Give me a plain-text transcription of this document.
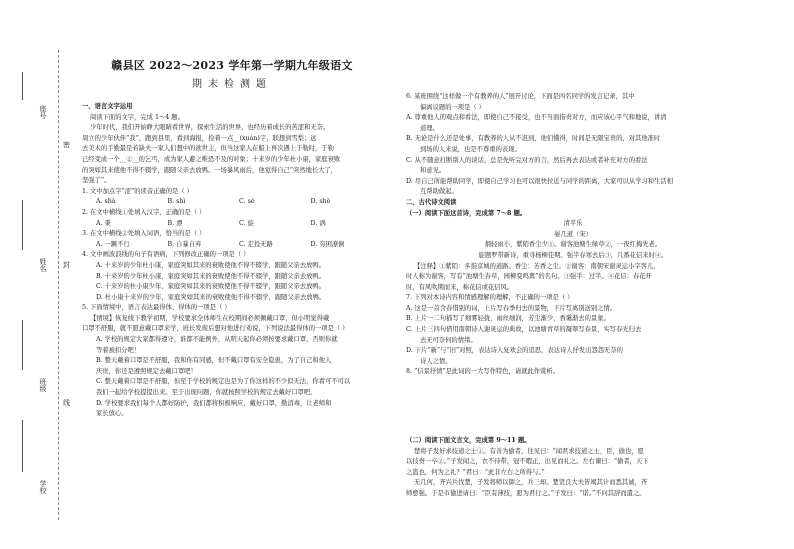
密
封
线
座号
姓名
班级
学校
赣县区 2022～2023 学年第一学期九年级语文
期末检测题

一、语言文字运用

阅读下面的文字，完成 1～4 题。

少年时代，我们开始睁大眼睛看世界，探索生活的世界，也经历着成长的苦涩和无奈。

周立的少年伙伴“我”，跑到县里，看到海报，捡着一点__(xuán)字，联想到雪梨；远

去美术的手勤最是若缺夫一家人们想中的欲世主，但当这家人在船上再次遇上于勒时，于勒

已经变成一个__②__的乞丐，成为家人避之唯恐不及的对象；十来岁的少年杜小康，家庭衰败

的突如其来使他不得不辍学，跟随父亲去放鸭。一场暴风雨后，他觉得自己“突然地长大了，

坚强了”。

1. 文中加点字“涩”的读音正确的是（ ）

A. shà	B. shì	C. sè	D. shè

2. 在文中横线①处填入汉字，正确的是（ ）

A. 秉	B. 漂	C. 旋	D. 涡

3. 在文中横线②处填入词语，恰当的是（ ）

A. 一蹶不行	B. 自暴自弃	C. 走投无路	D. 穷困潦倒

4. 文中画波浪线的句子有语病，下列修改正确的一项是（ ）

A. 十来岁的少年杜小康，家庭突如其来的衰败使他不得不辍学，跟随父亲去放鸭。

B. 十来岁的少年杜小康，家庭突如其来的衰败使他不得不辍学，跟随父亲去放鸭。

C. 十来岁的杜小康少年，家庭突如其来的衰败使他不得不辍学，跟随父亲去放鸭。

D. 杜小康十来岁的少年，家庭突如其来的衰败使他不得不辍学，跟随父亲去放鸭。

5. 下面情境中，语言表达最得体、得体的一项是（ ）

【情境】恢复线下教学初期，学校要求全体师生在校期间必须佩戴口罩，但小明觉得戴

口罩不舒服，就不愿意戴口罩来学，班长发现后想对他进行劝说，下列说法最得体的一项是（ ）

A. 学校的规定大家都得遵守，谁都不能例外，从明天起你必须按要求戴口罩，否则你就

等着被扣分吧！

B. 整天戴着口罩是不舒服，我和你有同感，但不戴口罩有安全隐患，为了自己和他人

庆贵，你还是遵照规定去戴口罩吧！

C. 整天戴着口罩是不舒服，但至于学校的规定也是为了你这样的不少似无法，你看可不可以

我们一起给学校提提出来。至于出现问题，你就按照学校的规定去戴好口罩吧。

D. 学校要求我们每个人都好防护，我们都将积极响应，戴好口罩，勤消毒，让老师和

家长放心。

6. 某班围绕“这样做一个有教养的人”展开讨论，下面是四名同学的发言记录，其中

偏离议题的一项是（ ）

A. 尊重他人的观点和看法，即使自己不接受，也不当面指责对方，而应该心平气和地说，讲清

道理。

B. 无论是什么还是处事，有教养的人从不迟到，他们懂得，时间是无限宝贵的，对其他准时

到场的人来说，也是不尊重的表现。

C. 从不随意打断别人的谈话，总是先听完对方的言，然后再去表达或者补充对方的看法

和意见。

D. 尽自己所能帮助同学，即使自己学习也可以很快拉近与同学的距离，大家可以从学习和生活相

互帮助做起。

二、古代诗文阅读

（一）阅读下面这首诗，完成第 7～8 题。

清平乐

晏几道（宋）

烟轻雨小，紫陌香尘少①。谢客池塘生绿草②，一夜红梅先老。

旋题罗带新诗，重寻杨柳佳期。强半春寒去后③，几番花信来时④。

【注释】①紫陌：多指京城的道路。香尘：芳香之尘。②谢客：南朝宋谢灵运小字客儿，

时人称为谢客，写有“池塘生春草，园柳变鸣禽”的名句。③强半：过半。④花信：春花开

时，有风吹期而来，称花信或花信风。

7. 下列对本诗内容和情感理解的理解，不正确的一项是（ ）

A. 这是一首含春惜别的词，上片写春季归去的景物，下片写离别送别之情。

B. 上片一二句描写了细雾轻拢，雨丝细润，芳尘渐少，香霭渐去的景象。

C. 上片三四句借用南朝诗人谢灵运的典故，以池塘青草的凝翠写春景，实写春光归去

去无可奈何的情绪。

D. 下片“新”与“旧”对照，表达诗人复欢会的追思，表达诗人抒发出怨怨无奈的

诗人之情。

8. “信景抒情”是此词的一大写作特色，请就此作赏析。

（二）阅读下面文言文，完成第 9～11 题。

楚将子发好求技道之士①。有善为偷者，往见曰：“闻君求技道之士，臣，偷也，愿

以技赍一卒②。”子发闻之，衣不待带，冠不暇正，出见而礼之。左右谏曰：“偷者，天下

之盗也，何为之礼？”君曰：“此非左右之所得与。”

无几何，齐兴兵伐楚，子发将师以御之，兵三却。楚贤良大夫皆竭其计而悉其诚，齐

师愈强。于是市偷进请曰：“臣有薄技，愿为君行之。”子发曰：“诺。”不问其辞而遣之。
